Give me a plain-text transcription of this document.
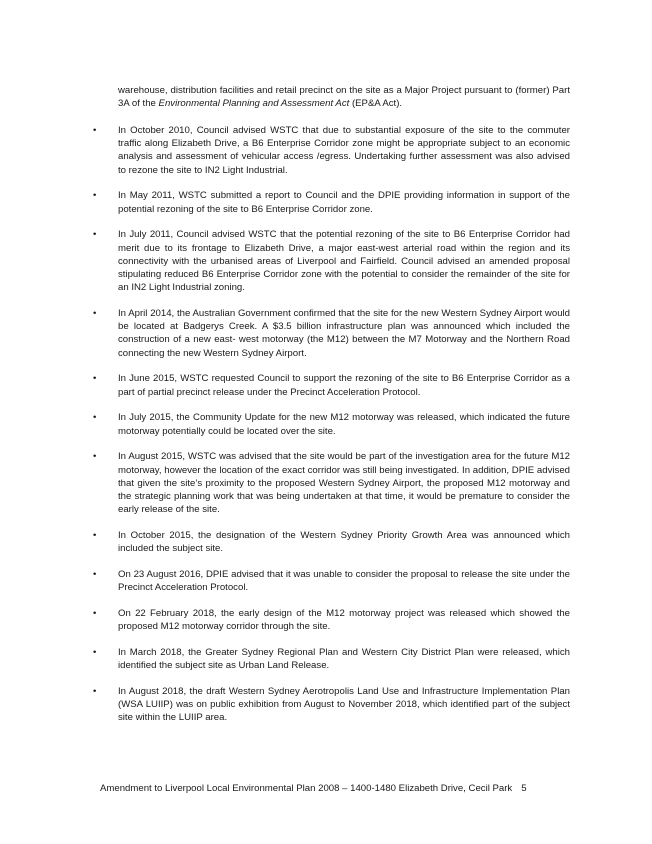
warehouse, distribution facilities and retail precinct on the site as a Major Project pursuant to (former) Part 3A of the Environmental Planning and Assessment Act (EP&A Act).

•	In October 2010, Council advised WSTC that due to substantial exposure of the site to the commuter traffic along Elizabeth Drive, a B6 Enterprise Corridor zone might be appropriate subject to an economic analysis and assessment of vehicular access /egress. Undertaking further assessment was also advised to rezone the site to IN2 Light Industrial.
•	In May 2011, WSTC submitted a report to Council and the DPIE providing information in support of the potential rezoning of the site to B6 Enterprise Corridor zone.
•	In July 2011, Council advised WSTC that the potential rezoning of the site to B6 Enterprise Corridor had merit due to its frontage to Elizabeth Drive, a major east-west arterial road within the region and its connectivity with the urbanised areas of Liverpool and Fairfield. Council advised an amended proposal stipulating reduced B6 Enterprise Corridor zone with the potential to consider the remainder of the site for an IN2 Light Industrial zoning.
•	In April 2014, the Australian Government confirmed that the site for the new Western Sydney Airport would be located at Badgerys Creek. A $3.5 billion infrastructure plan was announced which included the construction of a new east- west motorway (the M12) between the M7 Motorway and the Northern Road connecting the new Western Sydney Airport.
•	In June 2015, WSTC requested Council to support the rezoning of the site to B6 Enterprise Corridor as a part of partial precinct release under the Precinct Acceleration Protocol.
•	In July 2015, the Community Update for the new M12 motorway was released, which indicated the future motorway potentially could be located over the site.
•	In August 2015, WSTC was advised that the site would be part of the investigation area for the future M12 motorway, however the location of the exact corridor was still being investigated. In addition, DPIE advised that given the site’s proximity to the proposed Western Sydney Airport, the proposed M12 motorway and the strategic planning work that was being undertaken at that time, it would be premature to consider the early release of the site.
•	In October 2015, the designation of the Western Sydney Priority Growth Area was announced which included the subject site.
•	On 23 August 2016, DPIE advised that it was unable to consider the proposal to release the site under the Precinct Acceleration Protocol.
•	On 22 February 2018, the early design of the M12 motorway project was released which showed the proposed M12 motorway corridor through the site.
•	In March 2018, the Greater Sydney Regional Plan and Western City District Plan were released, which identified the subject site as Urban Land Release.
•	In August 2018, the draft Western Sydney Aerotropolis Land Use and Infrastructure Implementation Plan (WSA LUIIP) was on public exhibition from August to November 2018, which identified part of the subject site within the LUIIP area.
Amendment to Liverpool Local Environmental Plan 2008 – 1400-1480 Elizabeth Drive, Cecil Park 5
